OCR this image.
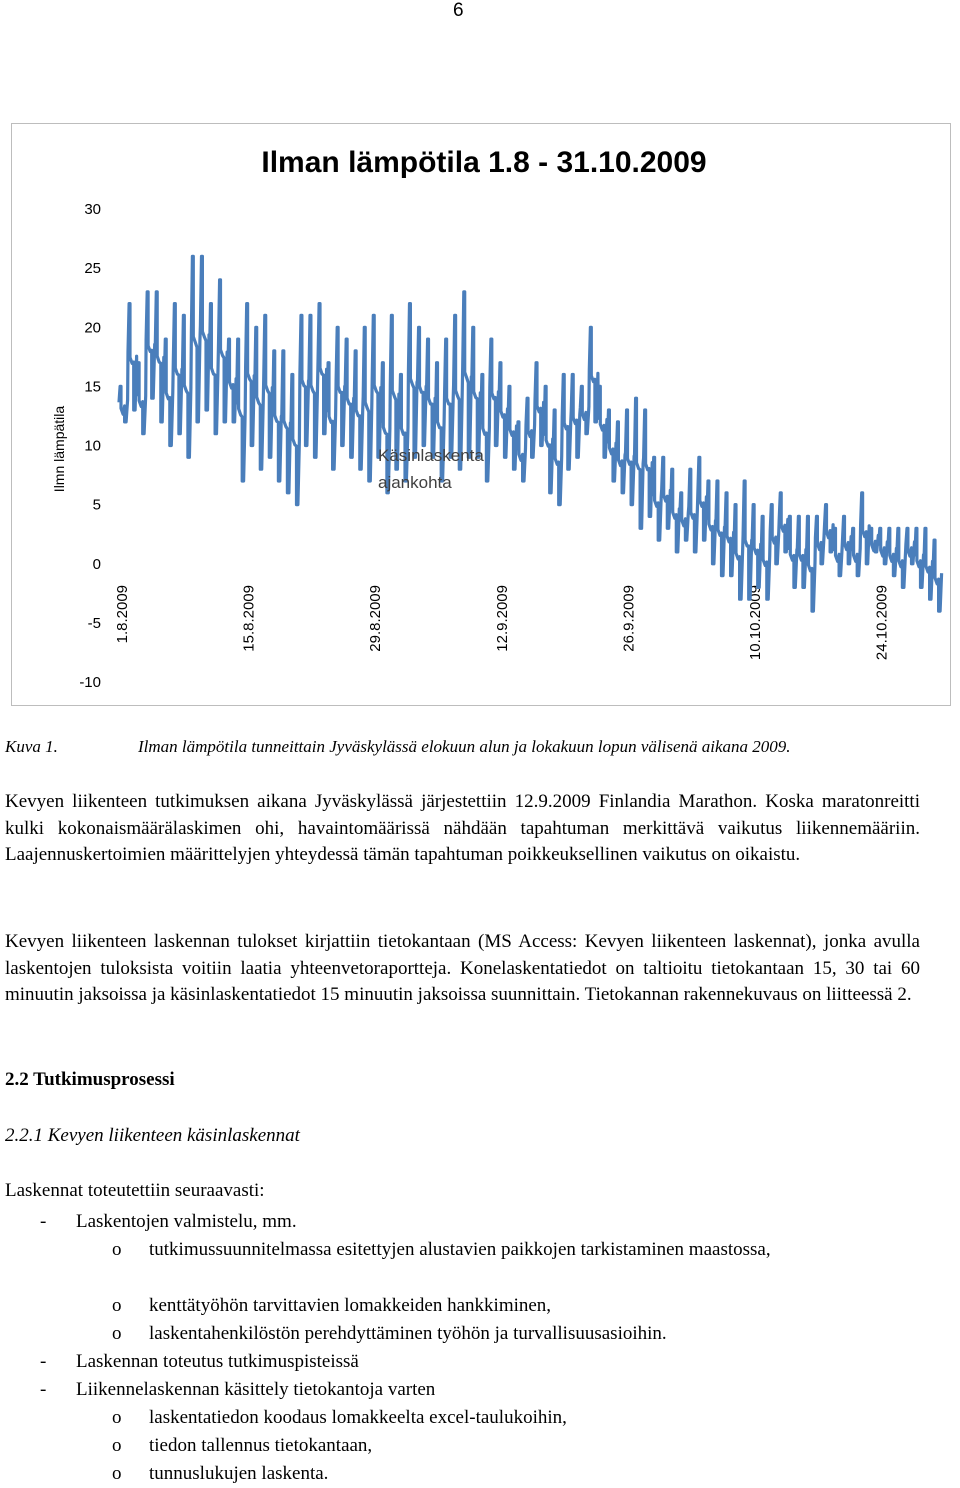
6
Ilman lämpötila 1.8 - 31.10.2009
Ilmn lämpätila
30
25
20
15
10
5
0
-5
-10
1.8.2009	15.8.2009	29.8.2009	12.9.2009	26.9.2009	10.10.2009	24.10.2009
Käsinlaskenta
ajankohta
Kuva 1.	Ilman lämpötila tunneittain Jyväskylässä elokuun alun ja lokakuun lopun välisenä aikana 2009.

Kevyen liikenteen tutkimuksen aikana Jyväskylässä järjestettiin 12.9.2009 Finlandia Marathon. Koska maratonreitti kulki kokonaismäärälaskimen ohi, havaintomäärissä nähdään tapahtuman merkittävä vaikutus liikennemääriin. Laajennuskertoimien määrittelyjen yhteydessä tämän tapahtuman poikkeuksellinen vaikutus on oikaistu.

Kevyen liikenteen laskennan tulokset kirjattiin tietokantaan (MS Access: Kevyen liikenteen laskennat), jonka avulla laskentojen tuloksista voitiin laatia yhteenvetoraportteja. Konelaskentatiedot on taltioitu tietokantaan 15, 30 tai 60 minuutin jaksoissa ja käsinlaskentatiedot 15 minuutin jaksoissa suunnittain. Tietokannan rakennekuvaus on liitteessä 2.

2.2 Tutkimusprosessi
2.2.1 Kevyen liikenteen käsinlaskennat
Laskennat toteutettiin seuraavasti:
- Laskentojen valmistelu, mm.
o tutkimussuunnitelmassa esitettyjen alustavien paikkojen tarkistaminen maastossa,
o kenttätyöhön tarvittavien lomakkeiden hankkiminen,
o laskentahenkilöstön perehdyttäminen työhön ja turvallisuusasioihin.
- Laskennan toteutus tutkimuspisteissä
- Liikennelaskennan käsittely tietokantoja varten
o laskentatiedon koodaus lomakkeelta excel-taulukoihin,
o tiedon tallennus tietokantaan,
o tunnuslukujen laskenta.
